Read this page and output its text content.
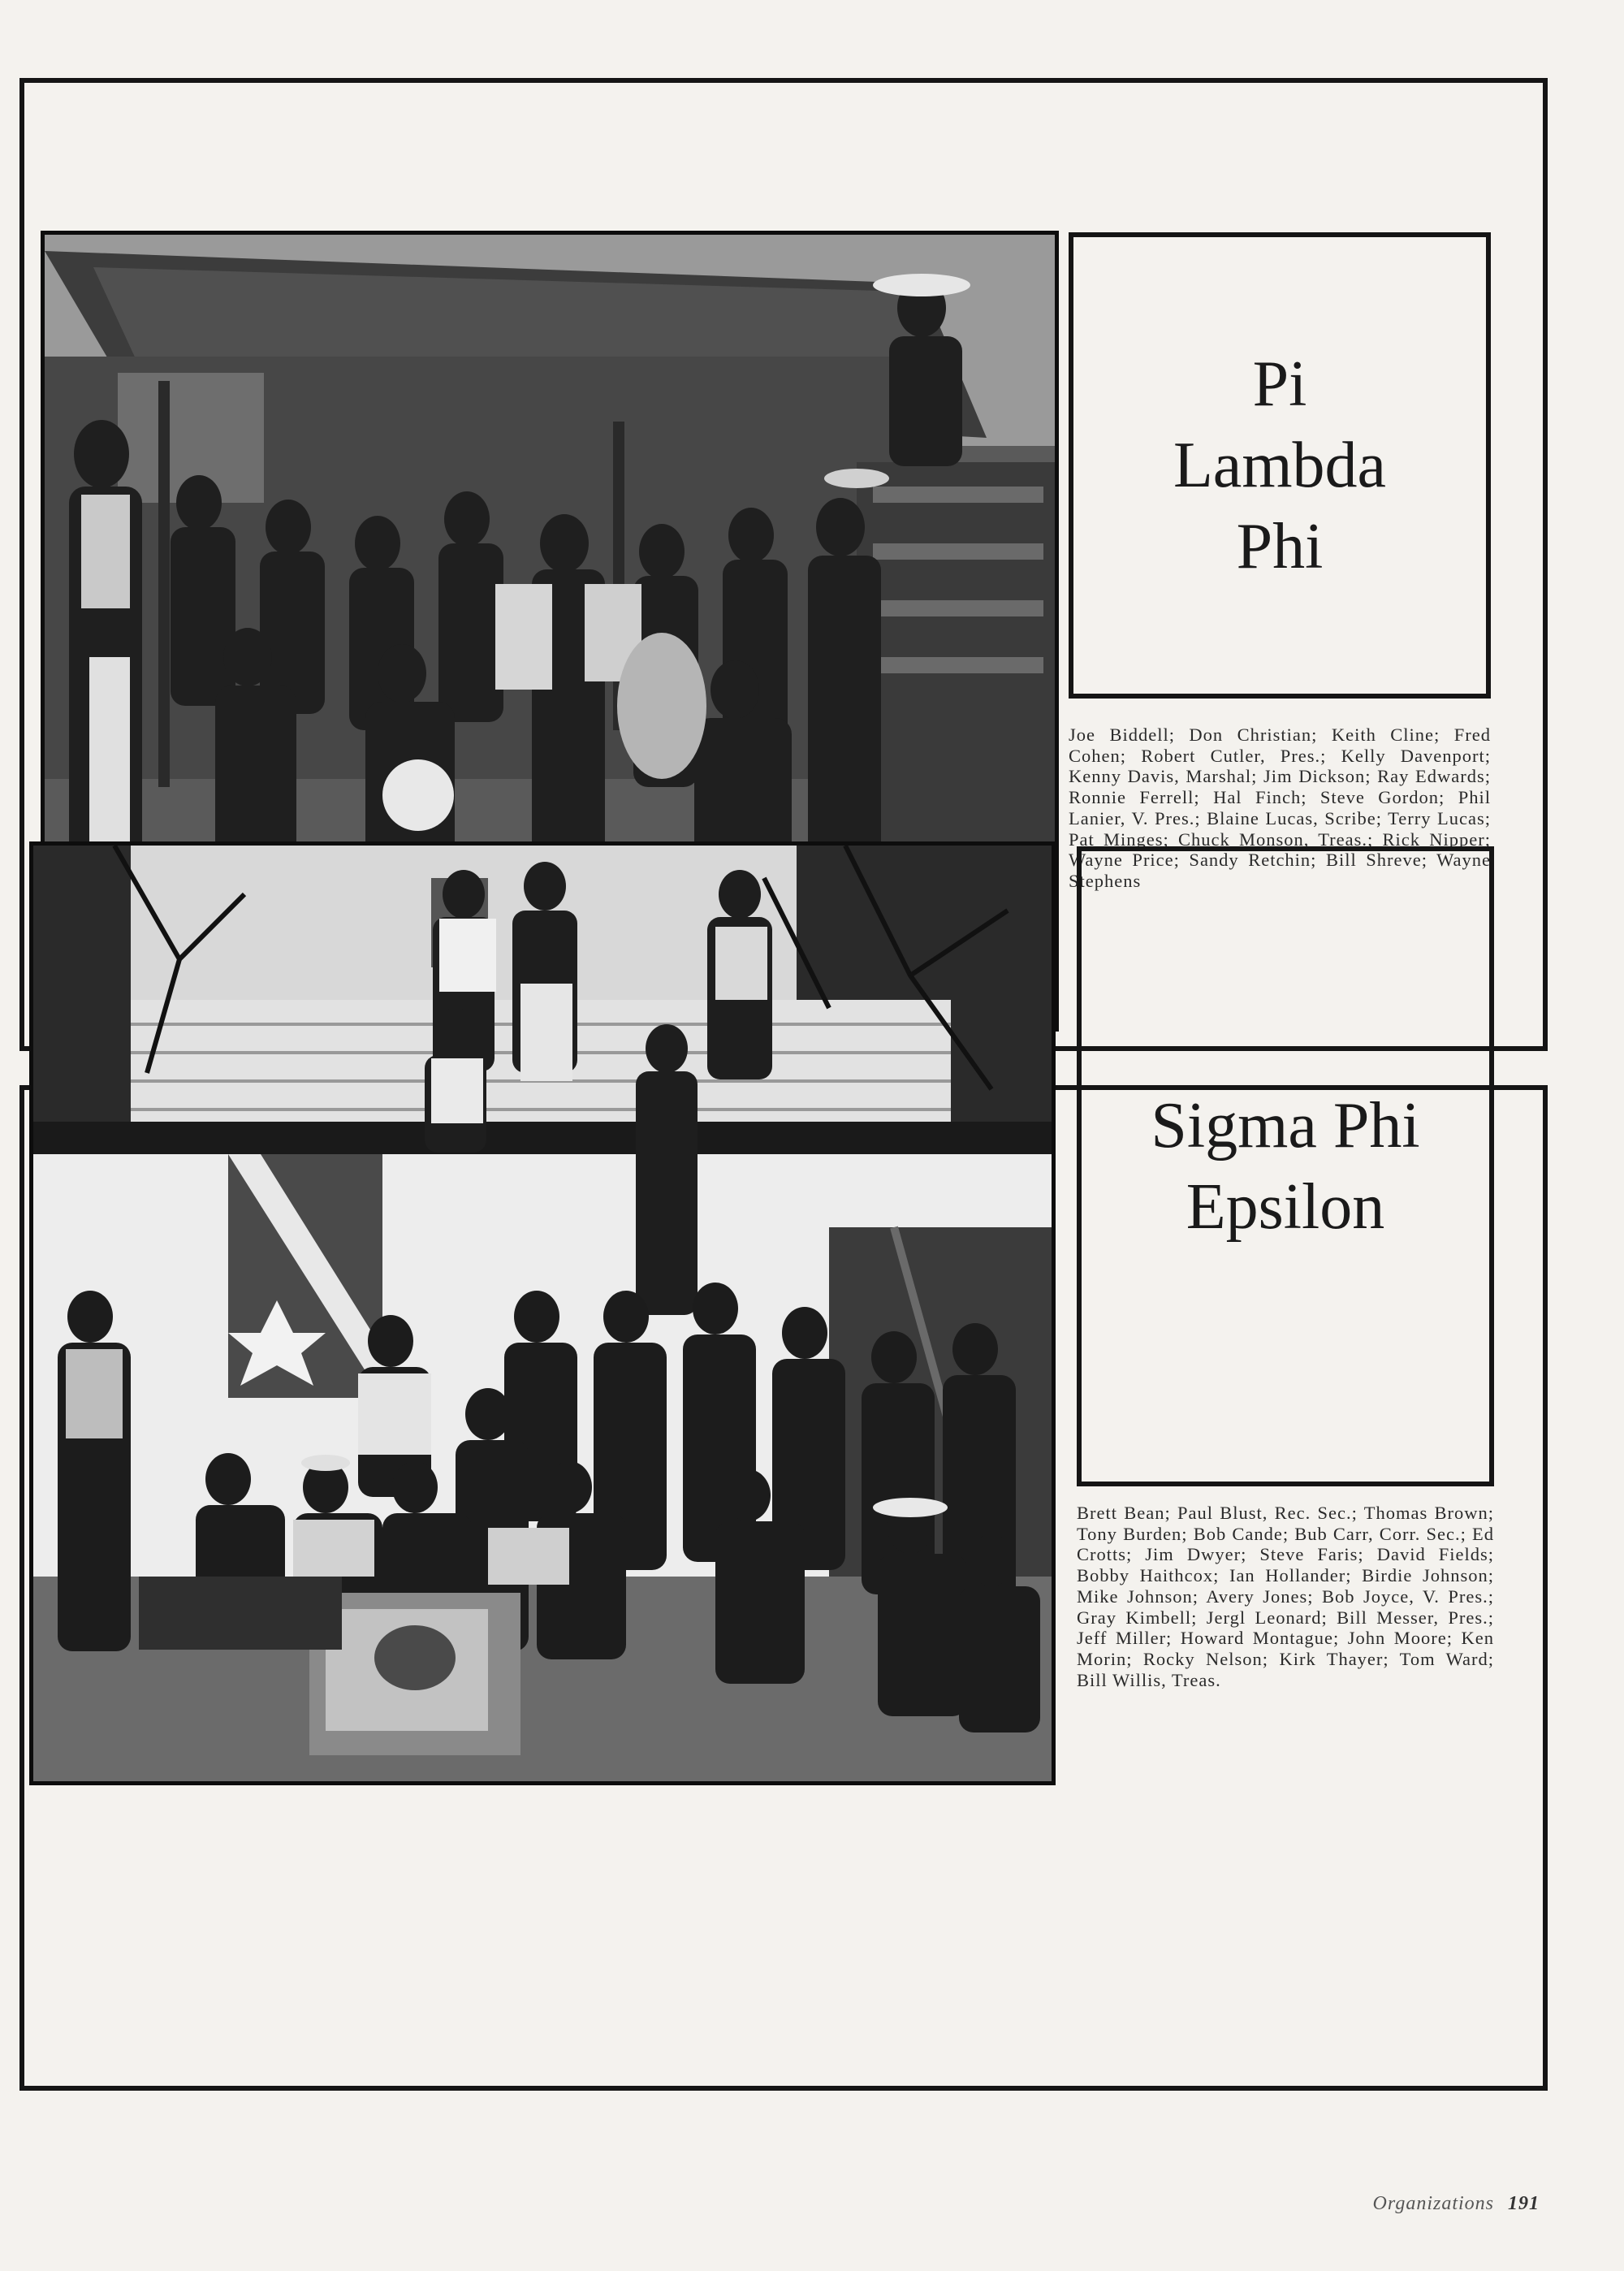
Pi
Lambda
Phi

Joe Biddell; Don Christian; Keith Cline; Fred Cohen; Robert Cutler, Pres.; Kelly Davenport; Kenny Davis, Marshal; Jim Dickson; Ray Edwards; Ronnie Ferrell; Hal Finch; Steve Gordon; Phil Lanier, V. Pres.; Blaine Lucas, Scribe; Terry Lucas; Pat Minges; Chuck Monson, Treas.; Rick Nipper; Wayne Price; Sandy Retchin; Bill Shreve; Wayne Stephens

Sigma Phi
Epsilon

Brett Bean; Paul Blust, Rec. Sec.; Thomas Brown; Tony Burden; Bob Cande; Bub Carr, Corr. Sec.; Ed Crotts; Jim Dwyer; Steve Faris; David Fields; Bobby Haithcox; Ian Hollander; Birdie Johnson; Mike Johnson; Avery Jones; Bob Joyce, V. Pres.; Gray Kimbell; Jergl Leonard; Bill Messer, Pres.; Jeff Miller; Howard Montague; John Moore; Ken Morin; Rocky Nelson; Kirk Thayer; Tom Ward; Bill Willis, Treas.

Organizations 191
